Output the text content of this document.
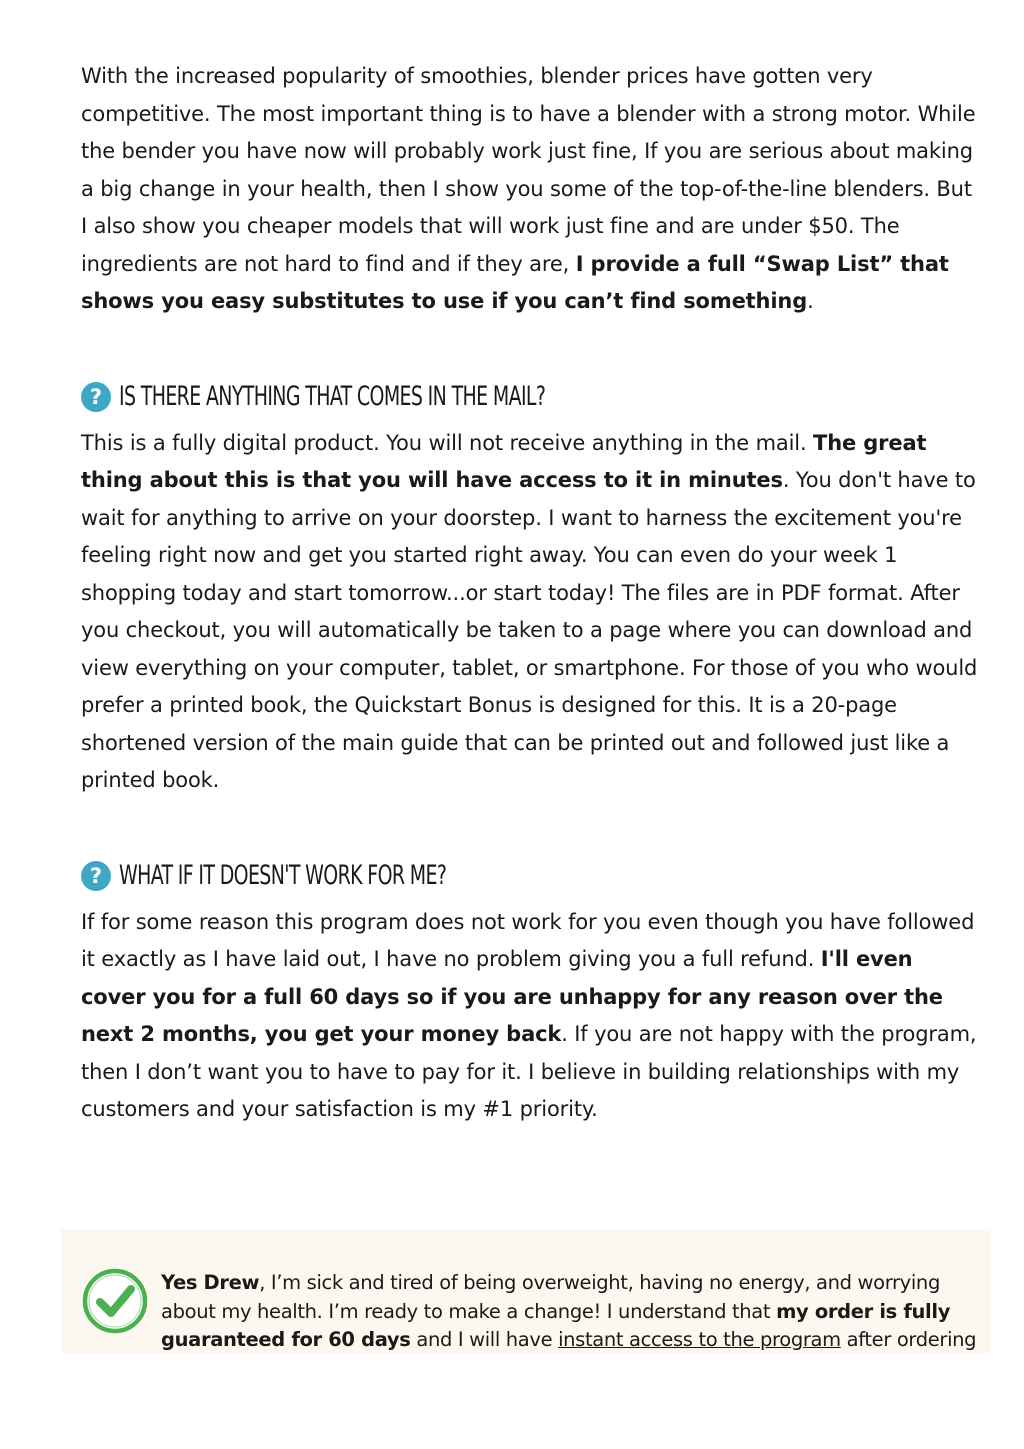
With the increased popularity of smoothies, blender prices have gotten very competitive. The most important thing is to have a blender with a strong motor. While the bender you have now will probably work just fine, If you are serious about making a big change in your health, then I show you some of the top-of-the-line blenders. But I also show you cheaper models that will work just fine and are under $50. The ingredients are not hard to find and if they are, I provide a full “Swap List” that shows you easy substitutes to use if you can’t find something.

? IS THERE ANYTHING THAT COMES IN THE MAIL?

This is a fully digital product. You will not receive anything in the mail. The great thing about this is that you will have access to it in minutes. You don't have to wait for anything to arrive on your doorstep. I want to harness the excitement you're feeling right now and get you started right away. You can even do your week 1 shopping today and start tomorrow...or start today! The files are in PDF format. After you checkout, you will automatically be taken to a page where you can download and view everything on your computer, tablet, or smartphone. For those of you who would prefer a printed book, the Quickstart Bonus is designed for this. It is a 20-page shortened version of the main guide that can be printed out and followed just like a printed book.

? WHAT IF IT DOESN'T WORK FOR ME?

If for some reason this program does not work for you even though you have followed it exactly as I have laid out, I have no problem giving you a full refund. I'll even cover you for a full 60 days so if you are unhappy for any reason over the next 2 months, you get your money back. If you are not happy with the program, then I don’t want you to have to pay for it. I believe in building relationships with my customers and your satisfaction is my #1 priority.

Yes Drew, I’m sick and tired of being overweight, having no energy, and worrying about my health. I’m ready to make a change! I understand that my order is fully guaranteed for 60 days and I will have instant access to the program after ordering
